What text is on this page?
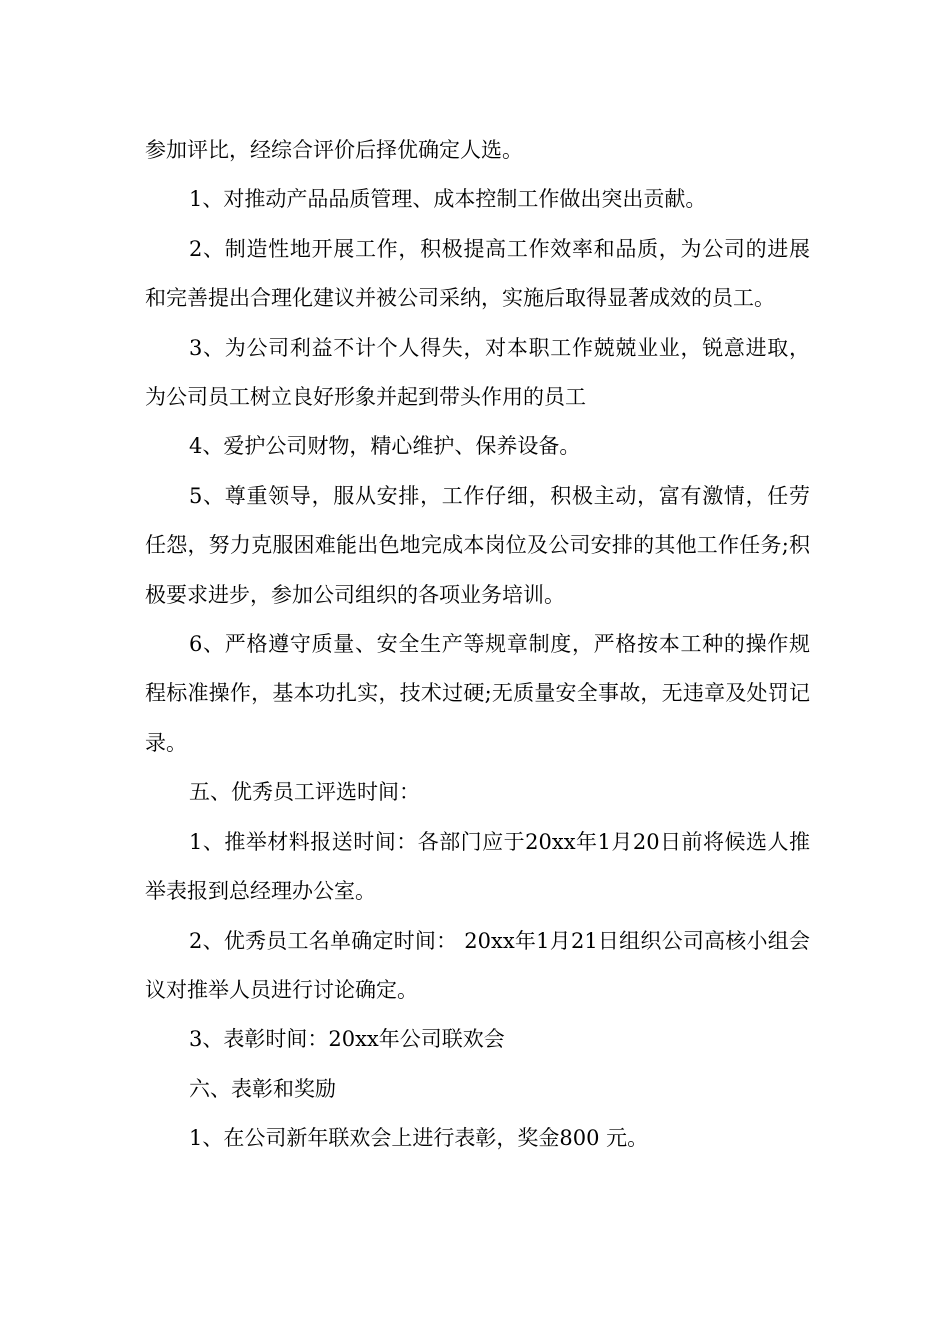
参加评比，经综合评价后择优确定人选。

1、对推动产品品质管理、成本控制工作做出突出贡献。

2、制造性地开展工作，积极提高工作效率和品质，为公司的进展和完善提出合理化建议并被公司采纳，实施后取得显著成效的员工。

3、为公司利益不计个人得失，对本职工作兢兢业业，锐意进取，为公司员工树立良好形象并起到带头作用的员工

4、爱护公司财物，精心维护、保养设备。

5、尊重领导，服从安排，工作仔细，积极主动，富有激情，任劳任怨，努力克服困难能出色地完成本岗位及公司安排的其他工作任务;积极要求进步，参加公司组织的各项业务培训。

6、严格遵守质量、安全生产等规章制度，严格按本工种的操作规程标准操作，基本功扎实，技术过硬;无质量安全事故，无违章及处罚记录。

五、优秀员工评选时间：

1、推举材料报送时间：各部门应于20xx年1月20日前将候选人推举表报到总经理办公室。

2、优秀员工名单确定时间： 20xx年1月21日组织公司高核小组会议对推举人员进行讨论确定。

3、表彰时间：20xx年公司联欢会

六、表彰和奖励

1、在公司新年联欢会上进行表彰，奖金800 元。
